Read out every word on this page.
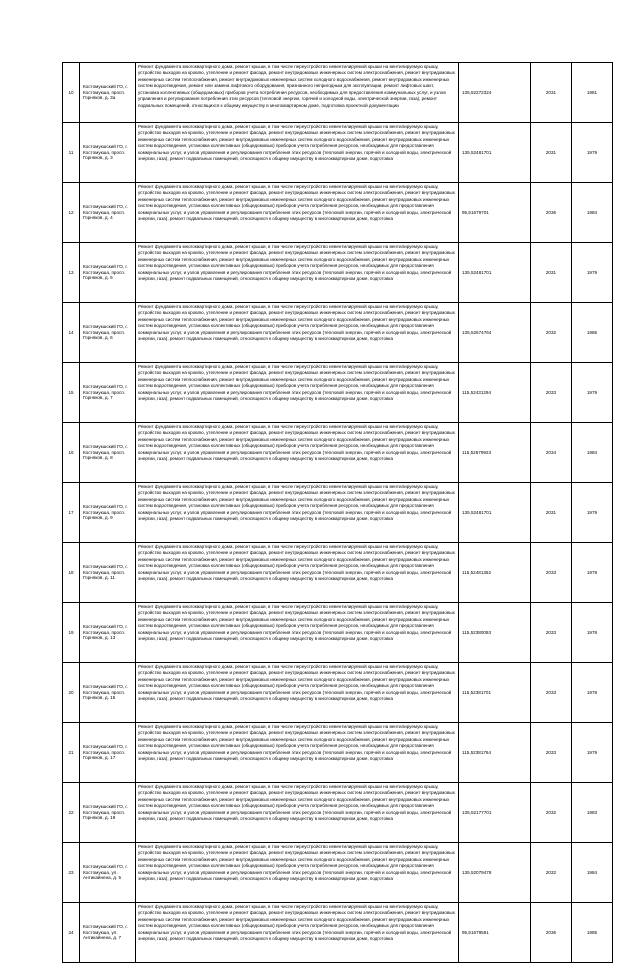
10	Костомукшский ГО, г. Костомукша, просп. Горняков, д. 3а	Ремонт фундамента многоквартирного дома, ремонт крыши, в том числе переустройство невентилируемой крыши на вентилируемую крышу, устройство выходов на кровлю, утепление и ремонт фасада, ремонт внутридомовых инженерных систем электроснабжения, ремонт внутридомовых инженерных систем теплоснабжения, ремонт внутридомовых инженерных систем холодного водоснабжения, ремонт внутридомовых инженерных систем водоотведения, ремонт или замена лифтового оборудования, признанного непригодным для эксплуатации, ремонт лифтовых шахт, установка коллективных (общедомовых) приборов учета потребления ресурсов, необходимых для предоставления коммунальных услуг, и узлов управления и регулирования потребления этих ресурсов (тепловой энергии, горячей и холодной воды, электрической энергии, газа), ремонт подвальных помещений, относящихся к общему имуществу в многоквартирном доме, подготовка проектной документации	135,52272324	2031	1981
11	Костомукшский ГО, г. Костомукша, просп. Горняков, д. 3	Ремонт фундамента многоквартирного дома, ремонт крыши, в том числе переустройство невентилируемой крыши на вентилируемую крышу, устройство выходов на кровлю, утепление и ремонт фасада, ремонт внутридомовых инженерных систем электроснабжения, ремонт внутридомовых инженерных систем теплоснабжения, ремонт внутридомовых инженерных систем холодного водоснабжения, ремонт внутридомовых инженерных систем водоотведения, установка коллективных (общедомовых) приборов учета потребления ресурсов, необходимых для предоставления коммунальных услуг, и узлов управления и регулирования потребления этих ресурсов (тепловой энергии, горячей и холодной воды, электрической энергии, газа), ремонт подвальных помещений, относящихся к общему имуществу в многоквартирном доме, подготовка	135,52481701	2031	1979
12	Костомукшский ГО, г. Костомукша, просп. Горняков, д. 4	Ремонт фундамента многоквартирного дома, ремонт крыши, в том числе переустройство невентилируемой крыши на вентилируемую крышу, устройство выходов на кровлю, утепление и ремонт фасада, ремонт внутридомовых инженерных систем электроснабжения, ремонт внутридомовых инженерных систем теплоснабжения, ремонт внутридомовых инженерных систем холодного водоснабжения, ремонт внутридомовых инженерных систем водоотведения, установка коллективных (общедомовых) приборов учета потребления ресурсов, необходимых для предоставления коммунальных услуг, и узлов управления и регулирования потребления этих ресурсов (тепловой энергии, горячей и холодной воды, электрической энергии, газа), ремонт подвальных помещений, относящихся к общему имуществу в многоквартирном доме, подготовка	95,51679701	2036	1984
13	Костомукшский ГО, г. Костомукша, просп. Горняков, д. 5	Ремонт фундамента многоквартирного дома, ремонт крыши, в том числе переустройство невентилируемой крыши на вентилируемую крышу, устройство выходов на кровлю, утепление и ремонт фасада, ремонт внутридомовых инженерных систем электроснабжения, ремонт внутридомовых инженерных систем теплоснабжения, ремонт внутридомовых инженерных систем холодного водоснабжения, ремонт внутридомовых инженерных систем водоотведения, установка коллективных (общедомовых) приборов учета потребления ресурсов, необходимых для предоставления коммунальных услуг, и узлов управления и регулирования потребления этих ресурсов (тепловой энергии, горячей и холодной воды, электрической энергии, газа), ремонт подвальных помещений, относящихся к общему имуществу в многоквартирном доме, подготовка	135,52481701	2031	1979
14	Костомукшский ГО, г. Костомукша, просп. Горняков, д. 6	Ремонт фундамента многоквартирного дома, ремонт крыши, в том числе переустройство невентилируемой крыши на вентилируемую крышу, устройство выходов на кровлю, утепление и ремонт фасада, ремонт внутридомовых инженерных систем электроснабжения, ремонт внутридомовых инженерных систем теплоснабжения, ремонт внутридомовых инженерных систем холодного водоснабжения, ремонт внутридомовых инженерных систем водоотведения, установка коллективных (общедомовых) приборов учета потребления ресурсов, необходимых для предоставления коммунальных услуг, и узлов управления и регулирования потребления этих ресурсов (тепловой энергии, горячей и холодной воды, электрической энергии, газа), ремонт подвальных помещений, относящихся к общему имуществу в многоквартирном доме, подготовка	135,52674764	2032	1986
15	Костомукшский ГО, г. Костомукша, просп. Горняков, д. 7	Ремонт фундамента многоквартирного дома, ремонт крыши, в том числе переустройство невентилируемой крыши на вентилируемую крышу, устройство выходов на кровлю, утепление и ремонт фасада, ремонт внутридомовых инженерных систем электроснабжения, ремонт внутридомовых инженерных систем теплоснабжения, ремонт внутридомовых инженерных систем холодного водоснабжения, ремонт внутридомовых инженерных систем водоотведения, установка коллективных (общедомовых) приборов учета потребления ресурсов, необходимых для предоставления коммунальных услуг, и узлов управления и регулирования потребления этих ресурсов (тепловой энергии, горячей и холодной воды, электрической энергии, газа), ремонт подвальных помещений, относящихся к общему имуществу в многоквартирном доме, подготовка	115,52431294	2033	1979
16	Костомукшский ГО, г. Костомукша, просп. Горняков, д. 8	Ремонт фундамента многоквартирного дома, ремонт крыши, в том числе переустройство невентилируемой крыши на вентилируемую крышу, устройство выходов на кровлю, утепление и ремонт фасада, ремонт внутридомовых инженерных систем электроснабжения, ремонт внутридомовых инженерных систем теплоснабжения, ремонт внутридомовых инженерных систем холодного водоснабжения, ремонт внутридомовых инженерных систем водоотведения, установка коллективных (общедомовых) приборов учета потребления ресурсов, необходимых для предоставления коммунальных услуг, и узлов управления и регулирования потребления этих ресурсов (тепловой энергии, горячей и холодной воды, электрической энергии, газа), ремонт подвальных помещений, относящихся к общему имуществу в многоквартирном доме, подготовка	115,52679923	2034	1984
17	Костомукшский ГО, г. Костомукша, просп. Горняков, д. 9	Ремонт фундамента многоквартирного дома, ремонт крыши, в том числе переустройство невентилируемой крыши на вентилируемую крышу, устройство выходов на кровлю, утепление и ремонт фасада, ремонт внутридомовых инженерных систем электроснабжения, ремонт внутридомовых инженерных систем теплоснабжения, ремонт внутридомовых инженерных систем холодного водоснабжения, ремонт внутридомовых инженерных систем водоотведения, установка коллективных (общедомовых) приборов учета потребления ресурсов, необходимых для предоставления коммунальных услуг, и узлов управления и регулирования потребления этих ресурсов (тепловой энергии, горячей и холодной воды, электрической энергии, газа), ремонт подвальных помещений, относящихся к общему имуществу в многоквартирном доме, подготовка	135,52481701	2031	1979
18	Костомукшский ГО, г. Костомукша, просп. Горняков, д. 11	Ремонт фундамента многоквартирного дома, ремонт крыши, в том числе переустройство невентилируемой крыши на вентилируемую крышу, устройство выходов на кровлю, утепление и ремонт фасада, ремонт внутридомовых инженерных систем электроснабжения, ремонт внутридомовых инженерных систем теплоснабжения, ремонт внутридомовых инженерных систем холодного водоснабжения, ремонт внутридомовых инженерных систем водоотведения, установка коллективных (общедомовых) приборов учета потребления ресурсов, необходимых для предоставления коммунальных услуг, и узлов управления и регулирования потребления этих ресурсов (тепловой энергии, горячей и холодной воды, электрической энергии, газа), ремонт подвальных помещений, относящихся к общему имуществу в многоквартирном доме, подготовка	115,52481362	2033	1979
19	Костомукшский ГО, г. Костомукша, просп. Горняков, д. 13	Ремонт фундамента многоквартирного дома, ремонт крыши, в том числе переустройство невентилируемой крыши на вентилируемую крышу, устройство выходов на кровлю, утепление и ремонт фасада, ремонт внутридомовых инженерных систем электроснабжения, ремонт внутридомовых инженерных систем теплоснабжения, ремонт внутридомовых инженерных систем холодного водоснабжения, ремонт внутридомовых инженерных систем водоотведения, установка коллективных (общедомовых) приборов учета потребления ресурсов, необходимых для предоставления коммунальных услуг, и узлов управления и регулирования потребления этих ресурсов (тепловой энергии, горячей и холодной воды, электрической энергии, газа), ремонт подвальных помещений, относящихся к общему имуществу в многоквартирном доме, подготовка	115,52380093	2033	1978
20	Костомукшский ГО, г. Костомукша, просп. Горняков, д. 15	Ремонт фундамента многоквартирного дома, ремонт крыши, в том числе переустройство невентилируемой крыши на вентилируемую крышу, устройство выходов на кровлю, утепление и ремонт фасада, ремонт внутридомовых инженерных систем электроснабжения, ремонт внутридомовых инженерных систем теплоснабжения, ремонт внутридомовых инженерных систем холодного водоснабжения, ремонт внутридомовых инженерных систем водоотведения, установка коллективных (общедомовых) приборов учета потребления ресурсов, необходимых для предоставления коммунальных услуг, и узлов управления и регулирования потребления этих ресурсов (тепловой энергии, горячей и холодной воды, электрической энергии, газа), ремонт подвальных помещений, относящихся к общему имуществу в многоквартирном доме, подготовка	115,52381701	2033	1978
21	Костомукшский ГО, г. Костомукша, просп. Горняков, д. 17	Ремонт фундамента многоквартирного дома, ремонт крыши, в том числе переустройство невентилируемой крыши на вентилируемую крышу, устройство выходов на кровлю, утепление и ремонт фасада, ремонт внутридомовых инженерных систем электроснабжения, ремонт внутридомовых инженерных систем теплоснабжения, ремонт внутридомовых инженерных систем холодного водоснабжения, ремонт внутридомовых инженерных систем водоотведения, установка коллективных (общедомовых) приборов учета потребления ресурсов, необходимых для предоставления коммунальных услуг, и узлов управления и регулирования потребления этих ресурсов (тепловой энергии, горячей и холодной воды, электрической энергии, газа), ремонт подвальных помещений, относящихся к общему имуществу в многоквартирном доме, подготовка	115,52381764	2033	1979
22	Костомукшский ГО, г. Костомукша, просп. Горняков, д. 19	Ремонт фундамента многоквартирного дома, ремонт крыши, в том числе переустройство невентилируемой крыши на вентилируемую крышу, устройство выходов на кровлю, утепление и ремонт фасада, ремонт внутридомовых инженерных систем электроснабжения, ремонт внутридомовых инженерных систем теплоснабжения, ремонт внутридомовых инженерных систем холодного водоснабжения, ремонт внутридомовых инженерных систем водоотведения, установка коллективных (общедомовых) приборов учета потребления ресурсов, необходимых для предоставления коммунальных услуг, и узлов управления и регулирования потребления этих ресурсов (тепловой энергии, горячей и холодной воды, электрической энергии, газа), ремонт подвальных помещений, относящихся к общему имуществу в многоквартирном доме, подготовка	135,52177701	2032	1983
23	Костомукшский ГО, г. Костомукша, ул. Антикайнена, д. 5	Ремонт фундамента многоквартирного дома, ремонт крыши, в том числе переустройство невентилируемой крыши на вентилируемую крышу, устройство выходов на кровлю, утепление и ремонт фасада, ремонт внутридомовых инженерных систем электроснабжения, ремонт внутридомовых инженерных систем теплоснабжения, ремонт внутридомовых инженерных систем холодного водоснабжения, ремонт внутридомовых инженерных систем водоотведения, установка коллективных (общедомовых) приборов учета потребления ресурсов, необходимых для предоставления коммунальных услуг, и узлов управления и регулирования потребления этих ресурсов (тепловой энергии, горячей и холодной воды, электрической энергии, газа), ремонт подвальных помещений, относящихся к общему имуществу в многоквартирном доме, подготовка	135,52079478	2032	1984
24	Костомукшский ГО, г. Костомукша, ул. Антикайнена, д. 7	Ремонт фундамента многоквартирного дома, ремонт крыши, в том числе переустройство невентилируемой крыши на вентилируемую крышу, устройство выходов на кровлю, утепление и ремонт фасада, ремонт внутридомовых инженерных систем электроснабжения, ремонт внутридомовых инженерных систем теплоснабжения, ремонт внутридомовых инженерных систем холодного водоснабжения, ремонт внутридомовых инженерных систем водоотведения, установка коллективных (общедомовых) приборов учета потребления ресурсов, необходимых для предоставления коммунальных услуг, и узлов управления и регулирования потребления этих ресурсов (тепловой энергии, горячей и холодной воды, электрической энергии, газа), ремонт подвальных помещений, относящихся к общему имуществу в многоквартирном доме, подготовка	95,51679561	2036	1985
